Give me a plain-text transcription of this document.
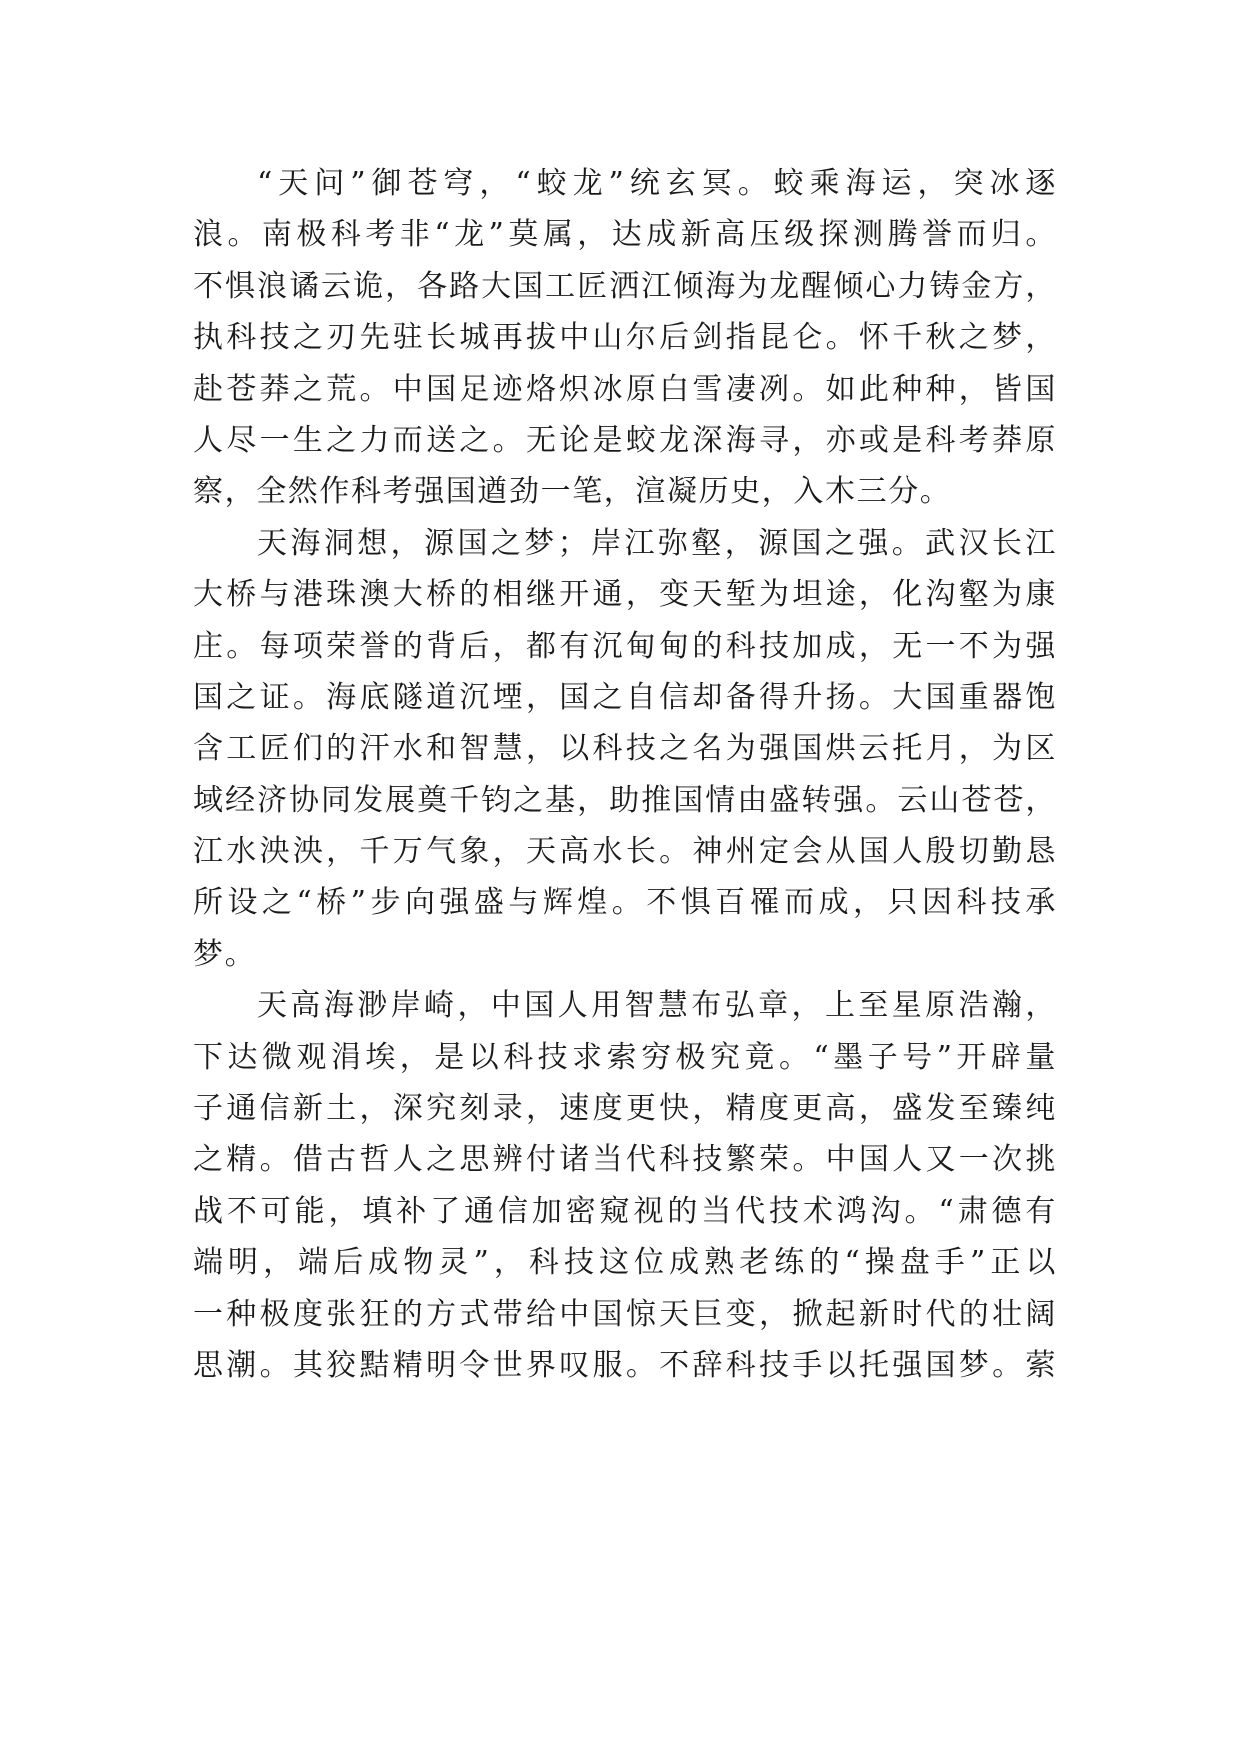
“天问”御苍穹，“蛟龙”统玄冥。蛟乘海运，突冰逐
浪。南极科考非“龙”莫属，达成新高压级探测腾誉而归。
不惧浪谲云诡，各路大国工匠洒江倾海为龙醒倾心力铸金方，
执科技之刃先驻长城再拔中山尔后剑指昆仑。怀千秋之梦，
赴苍莽之荒。中国足迹烙炽冰原白雪凄冽。如此种种，皆国
人尽一生之力而送之。无论是蛟龙深海寻，亦或是科考莽原
察，全然作科考强国遒劲一笔，渲凝历史，入木三分。
天海洞想，源国之梦；岸江弥壑，源国之强。武汉长江
大桥与港珠澳大桥的相继开通，变天堑为坦途，化沟壑为康
庄。每项荣誉的背后，都有沉甸甸的科技加成，无一不为强
国之证。海底隧道沉堙，国之自信却备得升扬。大国重器饱
含工匠们的汗水和智慧，以科技之名为强国烘云托月，为区
域经济协同发展奠千钧之基，助推国情由盛转强。云山苍苍，
江水泱泱，千万气象，天高水长。神州定会从国人殷切勤恳
所设之“桥”步向强盛与辉煌。不惧百罹而成，只因科技承
梦。
天高海渺岸崎，中国人用智慧布弘章，上至星原浩瀚，
下达微观涓埃，是以科技求索穷极究竟。“墨子号”开辟量
子通信新土，深究刻录，速度更快，精度更高，盛发至臻纯
之精。借古哲人之思辨付诸当代科技繁荣。中国人又一次挑
战不可能，填补了通信加密窥视的当代技术鸿沟。“肃德有
端明，端后成物灵”，科技这位成熟老练的“操盘手”正以
一种极度张狂的方式带给中国惊天巨变，掀起新时代的壮阔
思潮。其狡黠精明令世界叹服。不辞科技手以托强国梦。萦
